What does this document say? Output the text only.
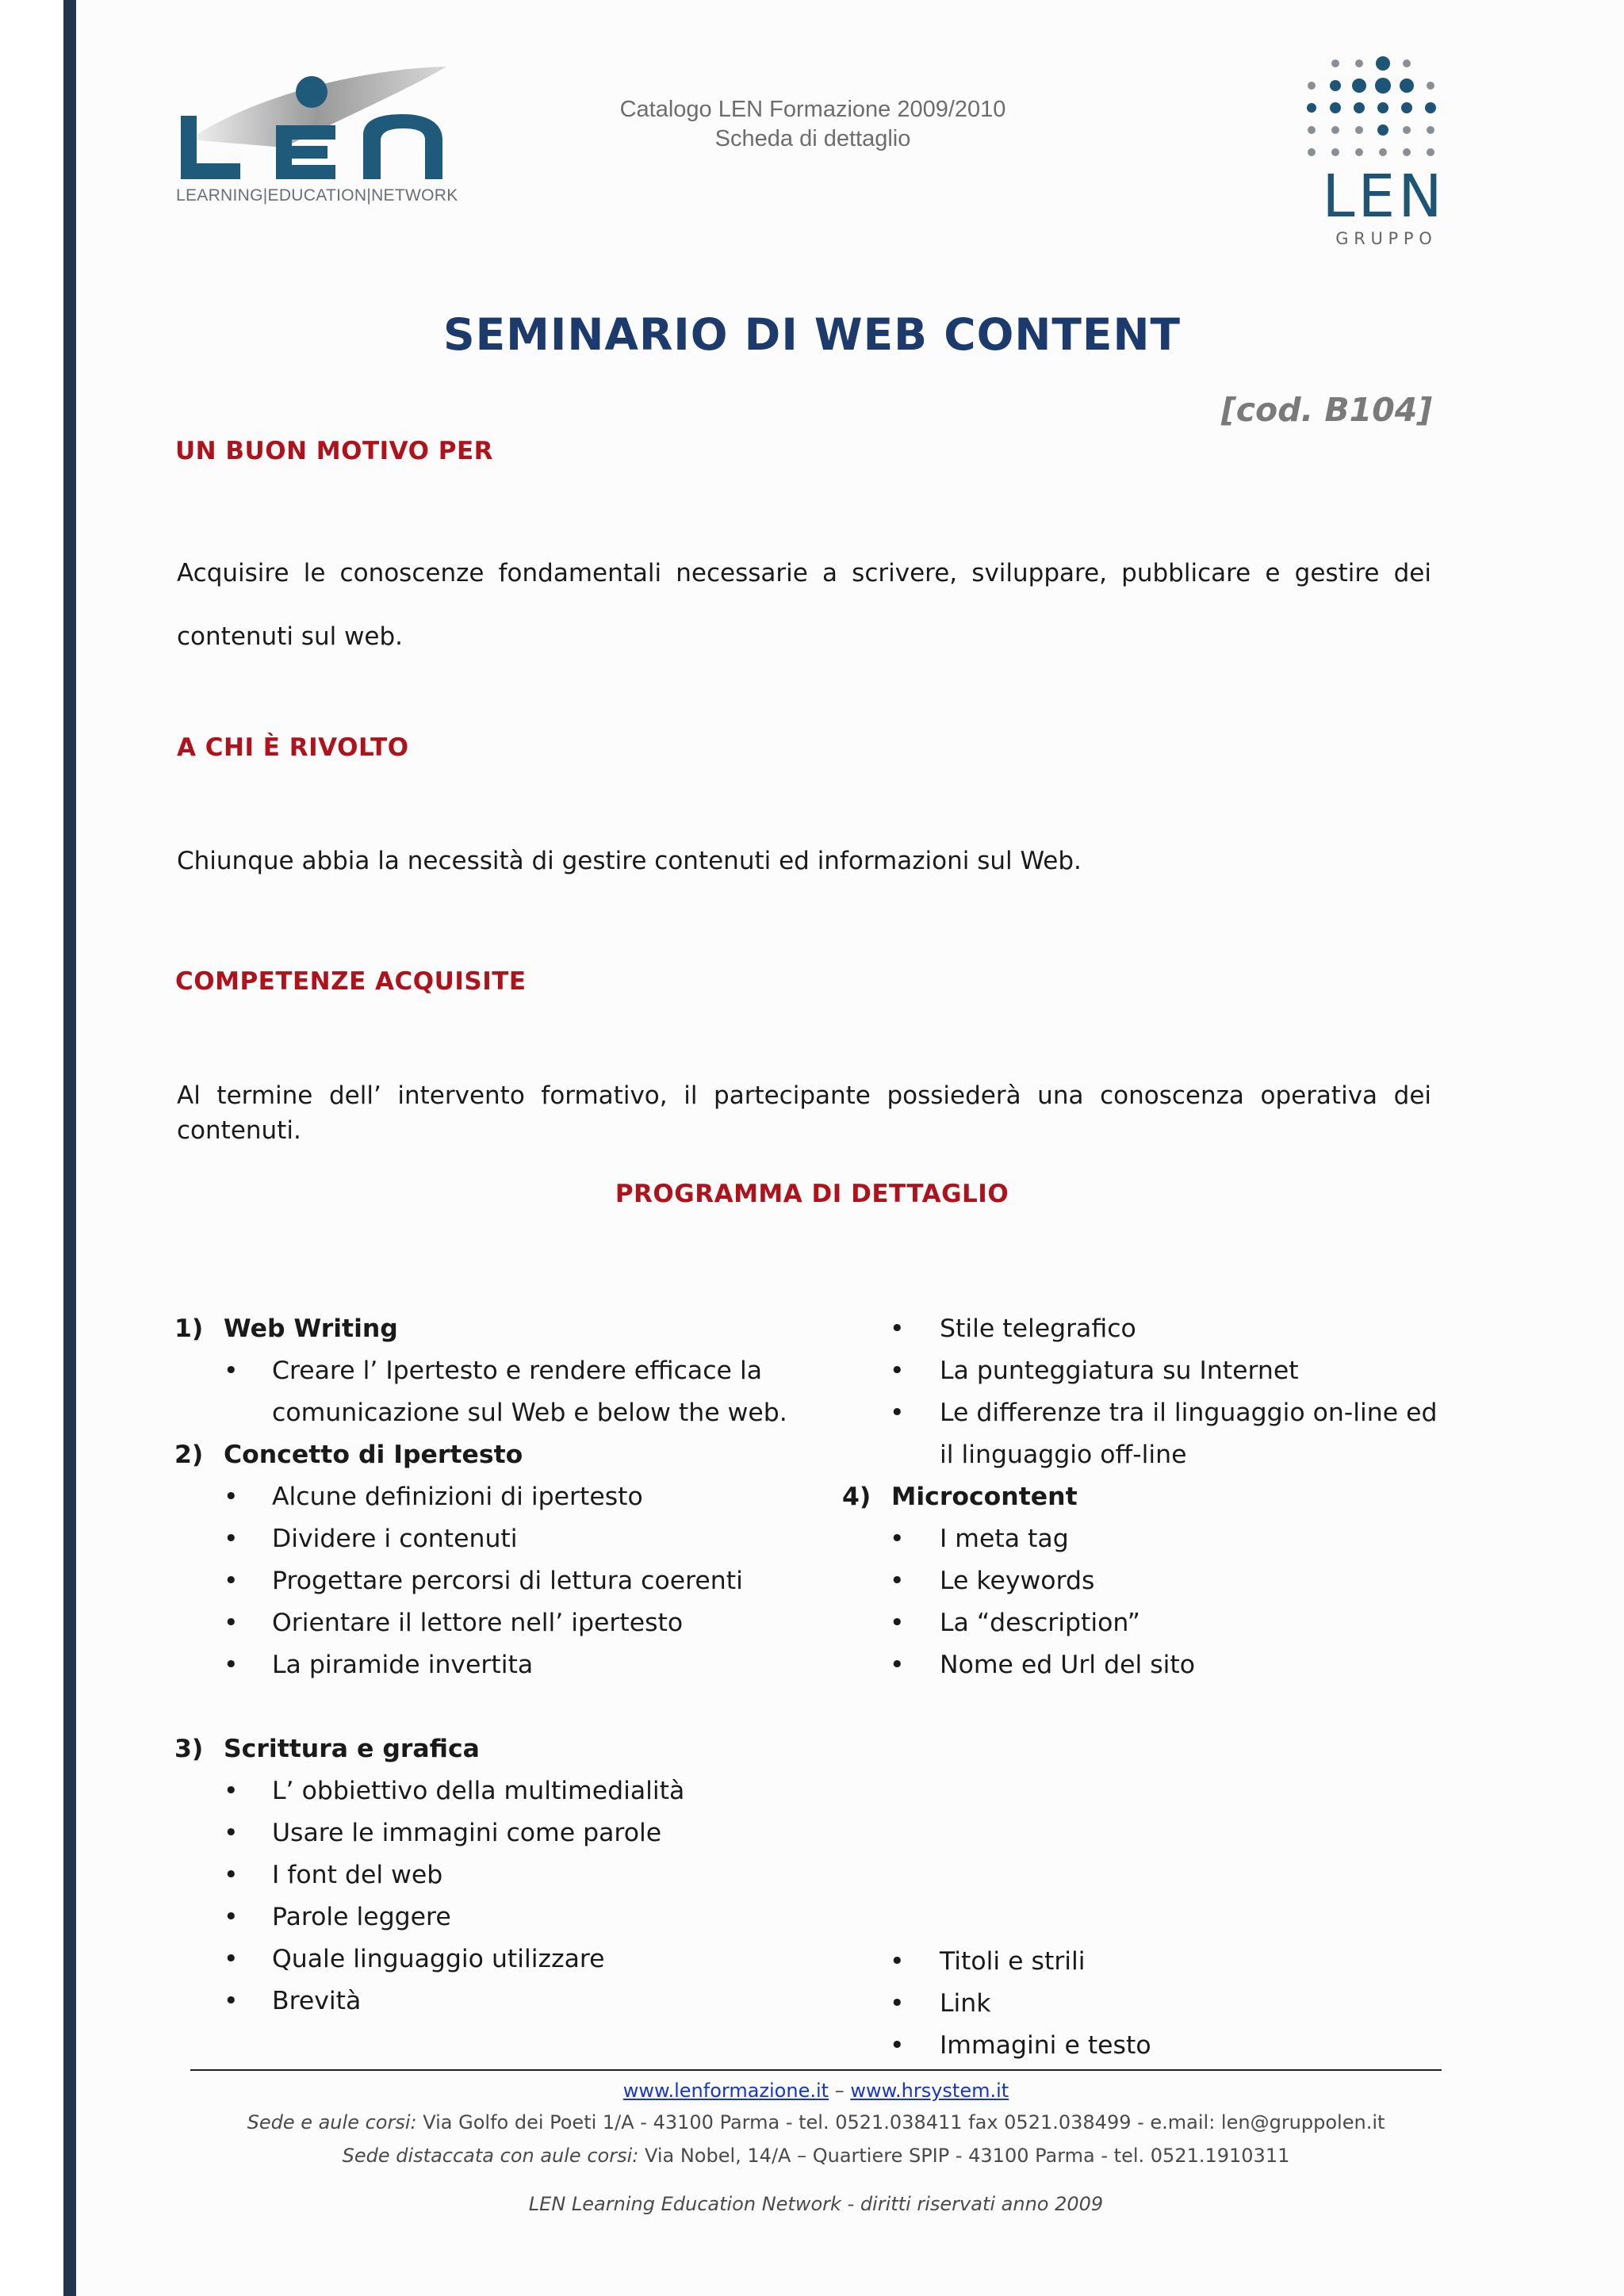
LEARNING|EDUCATION|NETWORK
Catalogo LEN Formazione 2009/2010
Scheda di dettaglio
LEN
G R U P P O
SEMINARIO DI WEB CONTENT
[cod. B104]
UN BUON MOTIVO PER
Acquisire le conoscenze fondamentali necessarie a scrivere, sviluppare, pubblicare e gestire dei contenuti sul web.
A CHI È RIVOLTO
Chiunque abbia la necessità di gestire contenuti ed informazioni sul Web.
COMPETENZE ACQUISITE
Al termine dell’ intervento formativo, il partecipante possiederà una conoscenza operativa dei contenuti.
PROGRAMMA DI DETTAGLIO
1) Web Writing
•	Creare l’ Ipertesto e rendere efficace la
comunicazione sul Web e below the web.
2) Concetto di Ipertesto
•	Alcune definizioni di ipertesto
•	Dividere i contenuti
•	Progettare percorsi di lettura coerenti
•	Orientare il lettore nell’ ipertesto
•	La piramide invertita
3) Scrittura e grafica
•	L’ obbiettivo della multimedialità
•	Usare le immagini come parole
•	I font del web
•	Parole leggere
•	Quale linguaggio utilizzare
•	Brevità
•	Stile telegrafico
•	La punteggiatura su Internet
•	Le differenze tra il linguaggio on-line ed
il linguaggio off-line
4) Microcontent
•	I meta tag
•	Le keywords
•	La “description”
•	Nome ed Url del sito
•	Titoli e strili
•	Link
•	Immagini e testo
www.lenformazione.it – www.hrsystem.it
Sede e aule corsi: Via Golfo dei Poeti 1/A - 43100 Parma - tel. 0521.038411 fax 0521.038499 - e.mail: len@gruppolen.it
Sede distaccata con aule corsi: Via Nobel, 14/A – Quartiere SPIP - 43100 Parma - tel. 0521.1910311
LEN Learning Education Network - diritti riservati anno 2009
